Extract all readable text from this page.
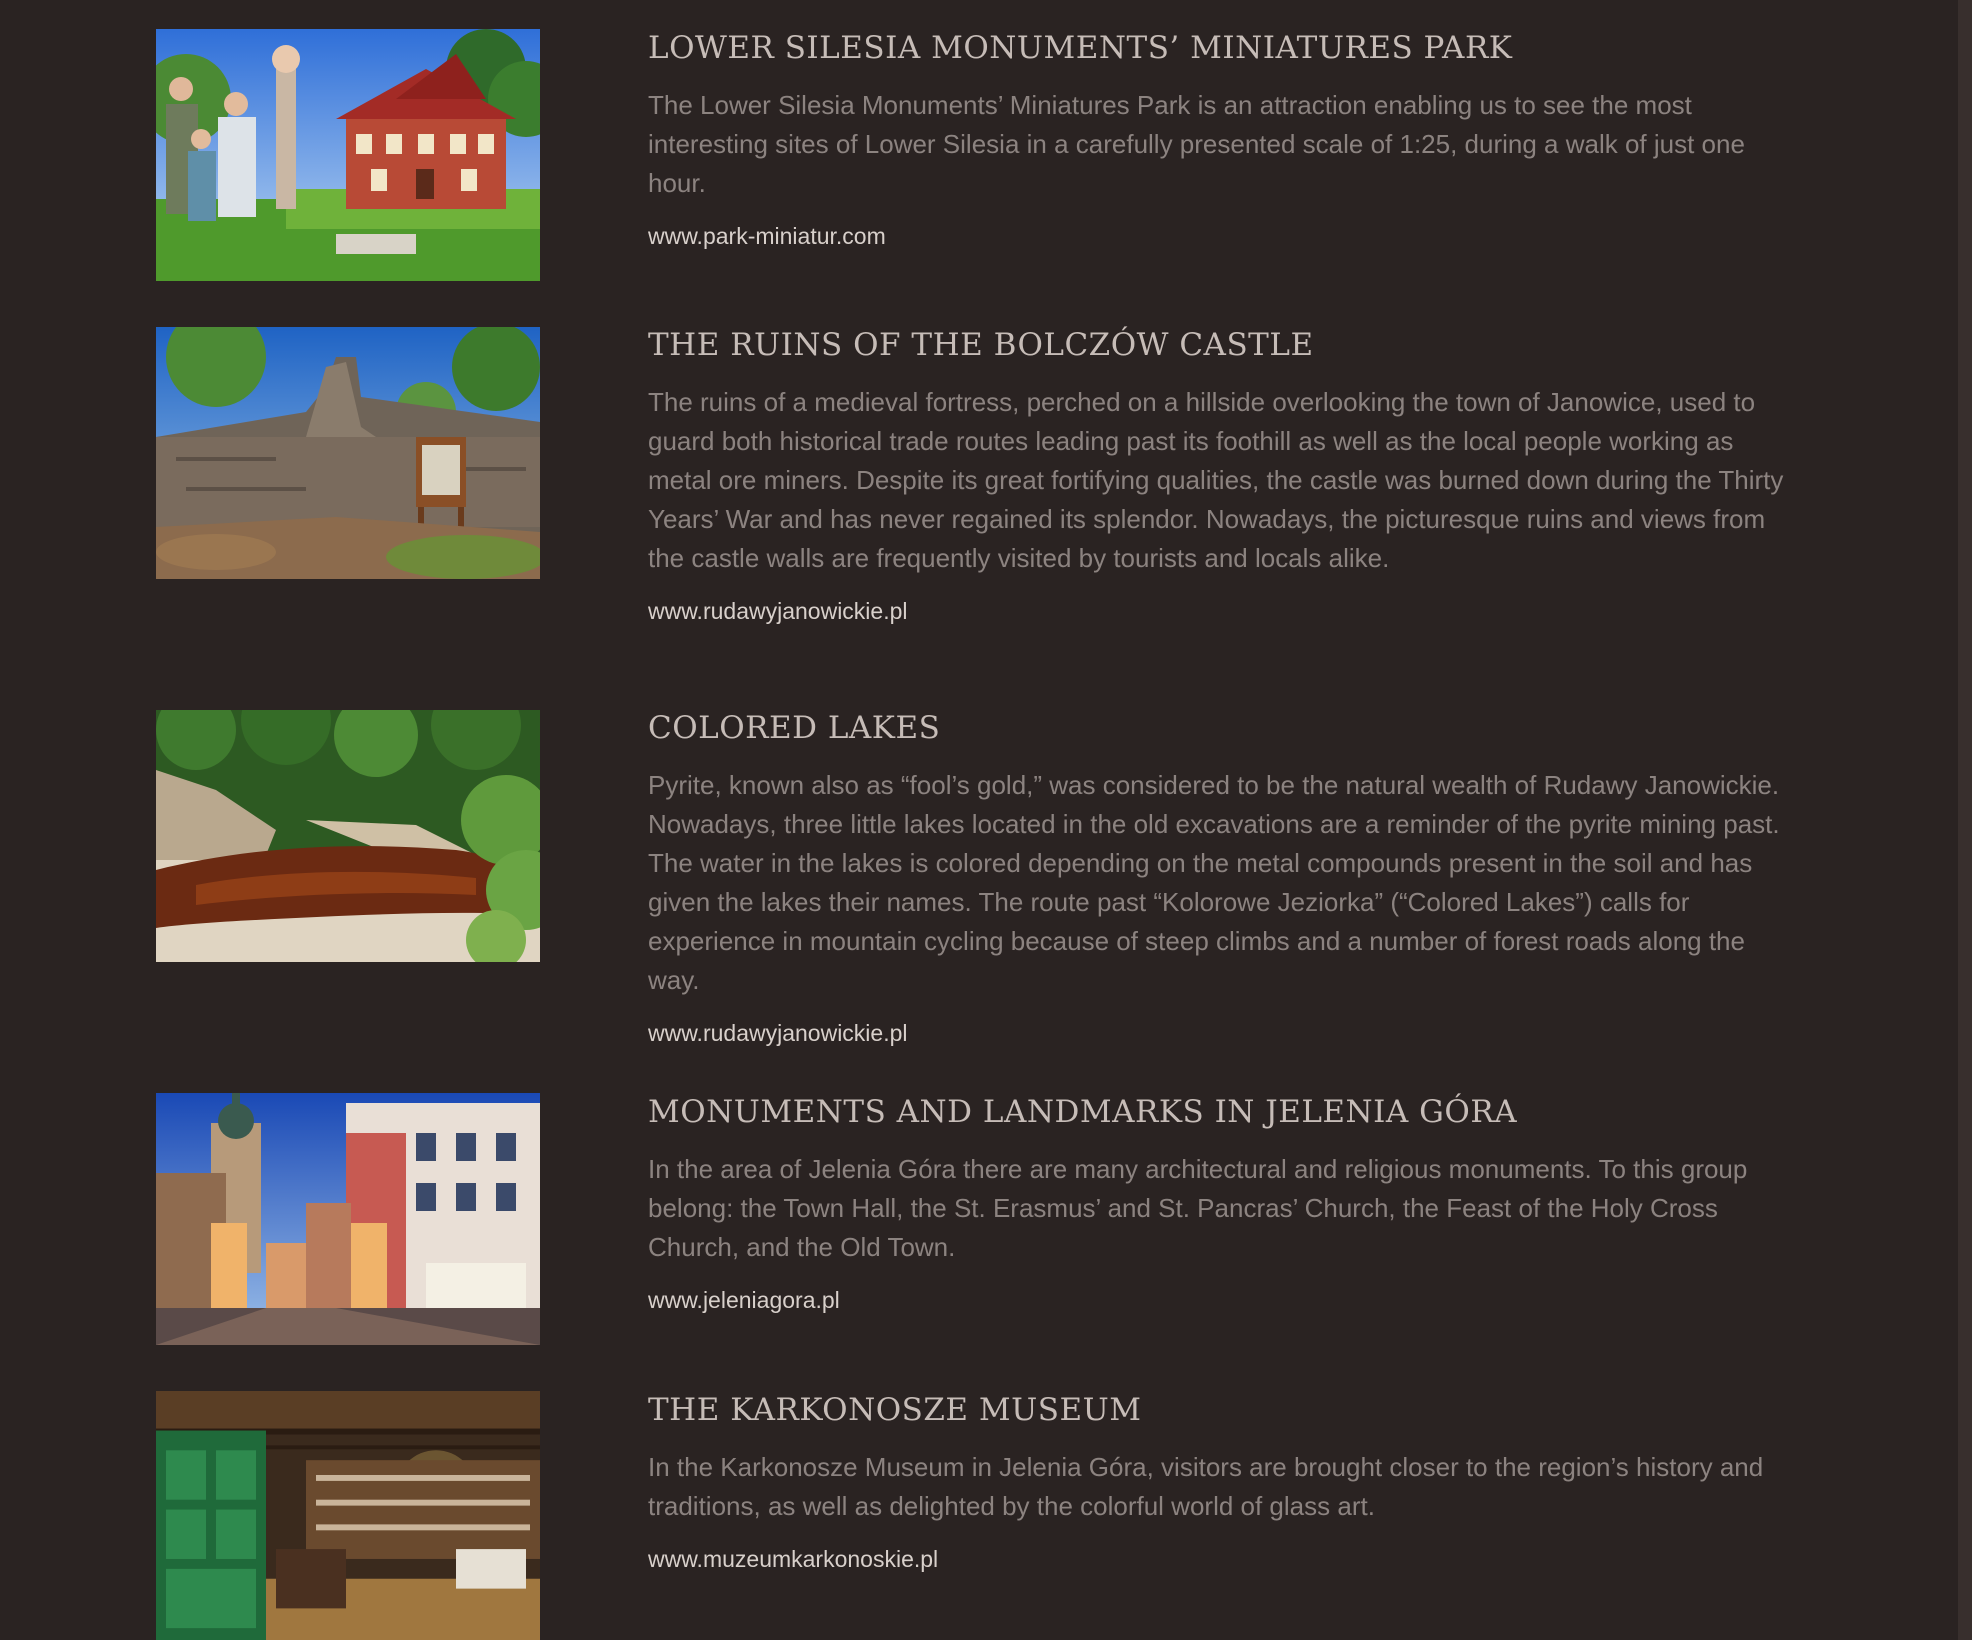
LOWER SILESIA MONUMENTS’ MINIATURES PARK

The Lower Silesia Monuments’ Miniatures Park is an attraction enabling us to see the most interesting sites of Lower Silesia in a carefully presented scale of 1:25, during a walk of just one hour.

www.park-miniatur.com
THE RUINS OF THE BOLCZÓW CASTLE

The ruins of a medieval fortress, perched on a hillside overlooking the town of Janowice, used to guard both historical trade routes leading past its foothill as well as the local people working as metal ore miners. Despite its great fortifying qualities, the castle was burned down during the Thirty Years’ War and has never regained its splendor. Nowadays, the picturesque ruins and views from the castle walls are frequently visited by tourists and locals alike.

www.rudawyjanowickie.pl
COLORED LAKES

Pyrite, known also as “fool’s gold,” was considered to be the natural wealth of Rudawy Janowickie. Nowadays, three little lakes located in the old excavations are a reminder of the pyrite mining past. The water in the lakes is colored depending on the metal compounds present in the soil and has given the lakes their names. The route past “Kolorowe Jeziorka” (“Colored Lakes”) calls for experience in mountain cycling because of steep climbs and a number of forest roads along the way.

www.rudawyjanowickie.pl
MONUMENTS AND LANDMARKS IN JELENIA GÓRA

In the area of Jelenia Góra there are many architectural and religious monuments. To this group belong: the Town Hall, the St. Erasmus’ and St. Pancras’ Church, the Feast of the Holy Cross Church, and the Old Town.

www.jeleniagora.pl
THE KARKONOSZE MUSEUM

In the Karkonosze Museum in Jelenia Góra, visitors are brought closer to the region’s history and traditions, as well as delighted by the colorful world of glass art.

www.muzeumkarkonoskie.pl
